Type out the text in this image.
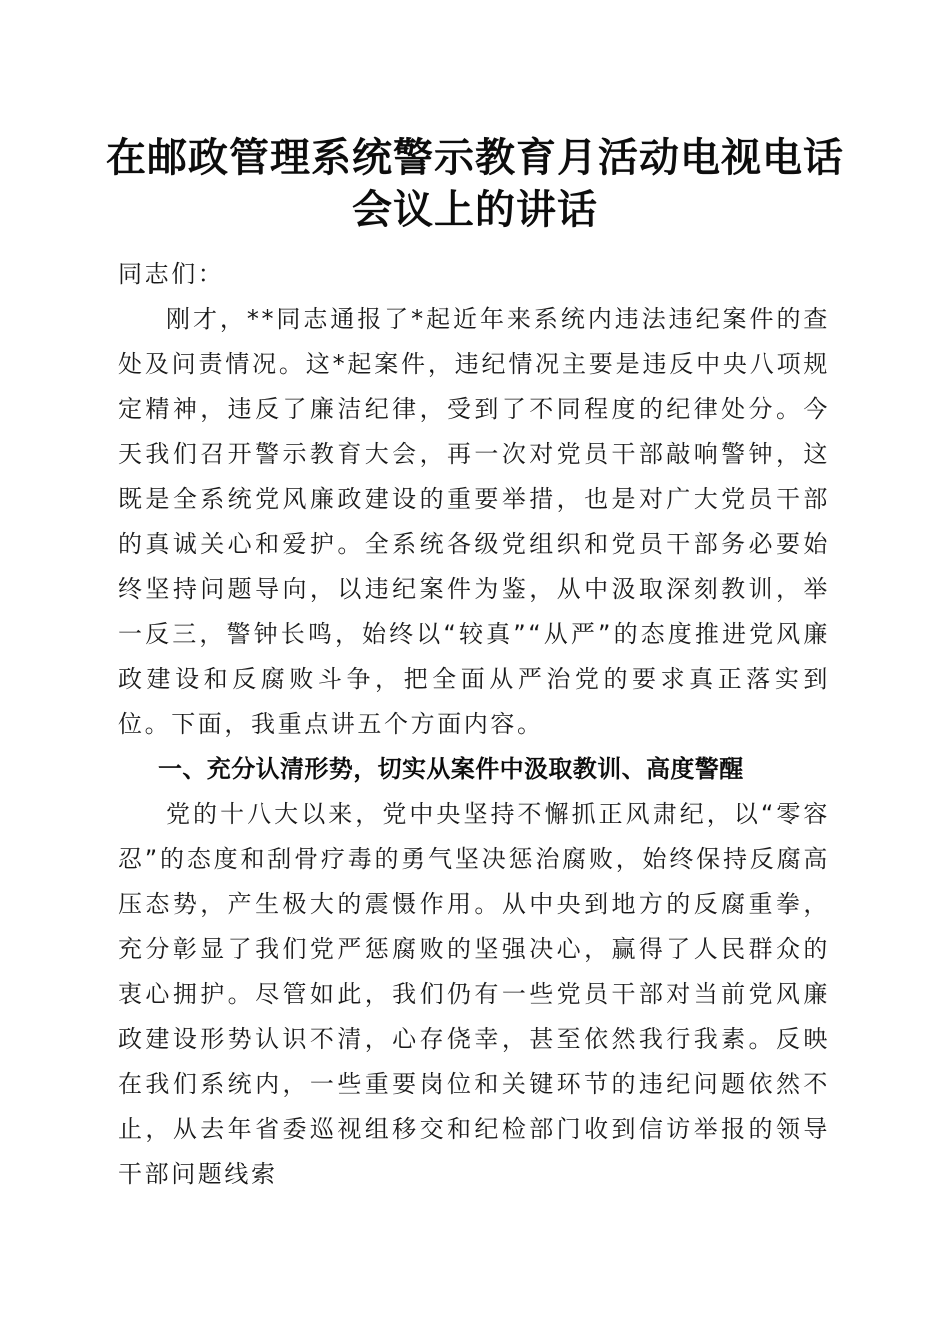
在邮政管理系统警示教育月活动电视电话会议上的讲话

同志们：

刚才，**同志通报了*起近年来系统内违法违纪案件的查处及问责情况。这*起案件，违纪情况主要是违反中央八项规定精神，违反了廉洁纪律，受到了不同程度的纪律处分。今天我们召开警示教育大会，再一次对党员干部敲响警钟，这既是全系统党风廉政建设的重要举措，也是对广大党员干部的真诚关心和爱护。全系统各级党组织和党员干部务必要始终坚持问题导向，以违纪案件为鉴，从中汲取深刻教训，举一反三，警钟长鸣，始终以“较真”“从严”的态度推进党风廉政建设和反腐败斗争，把全面从严治党的要求真正落实到位。下面，我重点讲五个方面内容。

一、充分认清形势，切实从案件中汲取教训、高度警醒

党的十八大以来，党中央坚持不懈抓正风肃纪，以“零容忍”的态度和刮骨疗毒的勇气坚决惩治腐败，始终保持反腐高压态势，产生极大的震慑作用。从中央到地方的反腐重拳，充分彰显了我们党严惩腐败的坚强决心，赢得了人民群众的衷心拥护。尽管如此，我们仍有一些党员干部对当前党风廉政建设形势认识不清，心存侥幸，甚至依然我行我素。反映在我们系统内，一些重要岗位和关键环节的违纪问题依然不止，从去年省委巡视组移交和纪检部门收到信访举报的领导干部问题线索
